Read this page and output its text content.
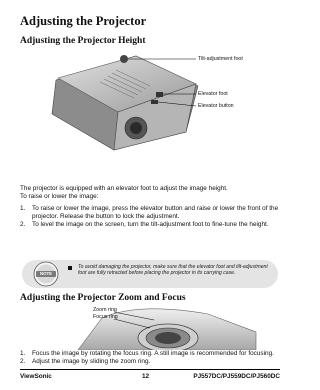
Adjusting the Projector
Adjusting the Projector Height
Tilt-adjustment foot
Elevator foot
Elevator button
The projector is equipped with an elevator foot to adjust the image height.
To raise or lower the image:
1.	To raise or lower the image, press the elevator button and raise or lower the front of the projector. Release the button to lock the adjustment.
2.	To level the image on the screen, turn the tilt-adjustment foot to fine-tune the height.
NOTE
To avoid damaging the projector, make sure that the elevator foot and tilt-adjustment foot are fully retracted before placing the projector in its carrying case.
Adjusting the Projector Zoom and Focus
Zoom ring
Focus ring
1.	Focus the image by rotating the focus ring. A still image is recommended for focusing.
2.	Adjust the image by sliding the zoom ring.
ViewSonic	12	PJ557DC/PJ559DC/PJ560DC
